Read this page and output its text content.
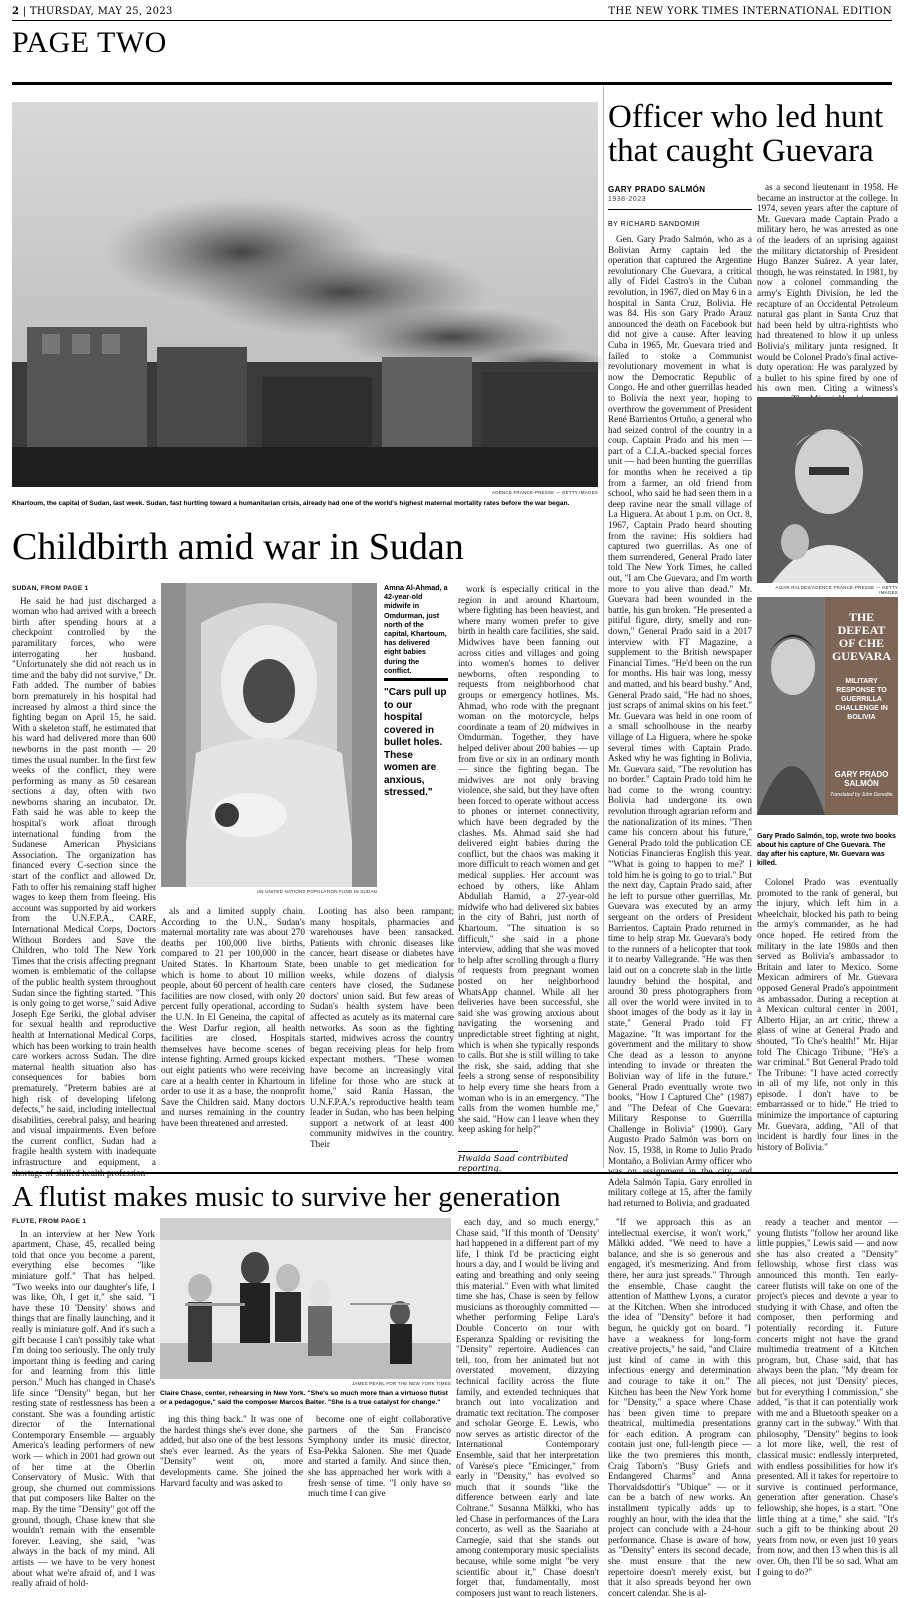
2 | THURSDAY, MAY 25, 2023	THE NEW YORK TIMES INTERNATIONAL EDITION
PAGE TWO
AGENCE FRANCE-PRESSE — GETTY IMAGES
Khartoum, the capital of Sudan, last week. Sudan, fast hurtling toward a humanitarian crisis, already had one of the world's highest maternal mortality rates before the war began.
Childbirth amid war in Sudan
SUDAN, FROM PAGE 1

He said he had just discharged a woman who had arrived with a breech birth after spending hours at a checkpoint controlled by the paramilitary forces, who were interrogating her husband. "Unfortunately she did not reach us in time and the baby did not survive," Dr. Fath added. The number of babies born prematurely in his hospital had increased by almost a third since the fighting began on April 15, he said. With a skeleton staff, he estimated that his ward had delivered more than 600 newborns in the past month — 20 times the usual number. In the first few weeks of the conflict, they were performing as many as 50 cesarean sections a day, often with two newborns sharing an incubator. Dr. Fath said he was able to keep the hospital's work afloat through international funding from the Sudanese American Physicians Association. The organization has financed every C-section since the start of the conflict and allowed Dr. Fath to offer his remaining staff higher wages to keep them from fleeing. His account was supported by aid workers from the U.N.F.P.A., CARE, International Medical Corps, Doctors Without Borders and Save the Children, who told The New York Times that the crisis affecting pregnant women is emblematic of the collapse of the public health system throughout Sudan since the fighting started. "This is only going to get worse," said Adive Joseph Ege Seriki, the global adviser for sexual health and reproductive health at International Medical Corps, which has been working to train health care workers across Sudan. The dire maternal health situation also has consequences for babies born prematurely. "Preterm babies are at high risk of developing lifelong defects," he said, including intellectual disabilities, cerebral palsy, and hearing and visual impairments. Even before the current conflict, Sudan had a fragile health system with inadequate infrastructure and equipment, a shortage of skilled health profession-

UN UNITED NATIONS POPULATION FUND IN SUDAN
Amna Al-Ahmad, a 42-year-old midwife in Omdurman, just north of the capital, Khartoum, has delivered eight babies during the conflict.
"Cars pull up to our hospital covered in bullet holes. These women are anxious, stressed."

als and a limited supply chain. According to the U.N., Sudan's maternal mortality rate was about 270 deaths per 100,000 live births, compared to 21 per 100,000 in the United States. In Khartoum State, which is home to about 10 million people, about 60 percent of health care facilities are now closed, with only 20 percent fully operational, according to the U.N. In El Geneina, the capital of the West Darfur region, all health facilities are closed. Hospitals themselves have become scenes of intense fighting. Armed groups kicked out eight patients who were receiving care at a health center in Khartoum in order to use it as a base, the nonprofit Save the Children said. Many doctors and nurses remaining in the country have been threatened and arrested.

Looting has also been rampant; many hospitals, pharmacies and warehouses have been ransacked. Patients with chronic diseases like cancer, heart disease or diabetes have been unable to get medication for weeks, while dozens of dialysis centers have closed, the Sudanese doctors' union said. But few areas of Sudan's health system have been affected as acutely as its maternal care networks. As soon as the fighting started, midwives across the country began receiving pleas for help from expectant mothers. "These women have become an increasingly vital lifeline for those who are stuck at home," said Rania Hassan, the U.N.F.P.A.'s reproductive health team leader in Sudan, who has been helping support a network of at least 400 community midwives in the country. Their

work is especially critical in the region in and around Khartoum, where fighting has been heaviest, and where many women prefer to give birth in health care facilities, she said. Midwives have been fanning out across cities and villages and going into women's homes to deliver newborns, often responding to requests from neighborhood chat groups or emergency hotlines. Ms. Ahmad, who rode with the pregnant woman on the motorcycle, helps coordinate a team of 20 midwives in Omdurman. Together, they have helped deliver about 200 babies — up from five or six in an ordinary month — since the fighting began. The midwives are not only braving violence, she said, but they have often been forced to operate without access to phones or internet connectivity, which have been degraded by the clashes. Ms. Ahmad said she had delivered eight babies during the conflict, but the chaos was making it more difficult to reach women and get medical supplies. Her account was echoed by others, like Ahlam Abdullah Hamid, a 27-year-old midwife who had delivered six babies in the city of Bahri, just north of Khartoum. "The situation is so difficult," she said in a phone interview, adding that she was moved to help after scrolling through a flurry of requests from pregnant women posted on her neighborhood WhatsApp channel. While all her deliveries have been successful, she said she was growing anxious about navigating the worsening and unpredictable street fighting at night, which is when she typically responds to calls. But she is still willing to take the risk, she said, adding that she feels a strong sense of responsibility to help every time she hears from a woman who is in an emergency. "The calls from the women humble me," she said. "How can I leave when they keep asking for help?"

Hwaida Saad contributed reporting.
Officer who led hunt that caught Guevara
GARY PRADO SALMÓN
1938-2023
BY RICHARD SANDOMIR

Gen. Gary Prado Salmón, who as a Bolivian Army captain led the operation that captured the Argentine revolutionary Che Guevara, a critical ally of Fidel Castro's in the Cuban revolution, in 1967, died on May 6 in a hospital in Santa Cruz, Bolivia. He was 84. His son Gary Prado Arauz announced the death on Facebook but did not give a cause. After leaving Cuba in 1965, Mr. Guevara tried and failed to stoke a Communist revolutionary movement in what is now the Democratic Republic of Congo. He and other guerrillas headed to Bolivia the next year, hoping to overthrow the government of President René Barrientos Ortuño, a general who had seized control of the country in a coup. Captain Prado and his men — part of a C.I.A.-backed special forces unit — had been hunting the guerrillas for months when he received a tip from a farmer, an old friend from school, who said he had seen them in a deep ravine near the small village of La Higuera. At about 1 p.m. on Oct. 8, 1967, Captain Prado heard shouting from the ravine: His soldiers had captured two guerrillas. As one of them surrendered, General Prado later told The New York Times, he called out, "I am Che Guevara, and I'm worth more to you alive than dead." Mr. Guevara had been wounded in the battle, his gun broken. "He presented a pitiful figure, dirty, smelly and run-down," General Prado said in a 2017 interview with FT Magazine, a supplement to the British newspaper Financial Times. "He'd been on the run for months. His hair was long, messy and matted, and his beard bushy." And, General Prado said, "He had no shoes, just scraps of animal skins on his feet." Mr. Guevara was held in one room of a small schoolhouse in the nearby village of La Higuera, where he spoke several times with Captain Prado. Asked why he was fighting in Bolivia, Mr. Guevara said, "The revolution has no border." Captain Prado told him he had come to the wrong country: Bolivia had undergone its own revolution through agrarian reform and the nationalization of its mines. "Then came his concern about his future," General Prado told the publication CE Noticias Financieras English this year. "'What is going to happen to me?' I told him he is going to go to trial." But the next day, Captain Prado said, after he left to pursue other guerrillas, Mr. Guevara was executed by an army sergeant on the orders of President Barrientos. Captain Prado returned in time to help strap Mr. Guevara's body to the runners of a helicopter that took it to nearby Vallegrande. "He was then laid out on a concrete slab in the little laundry behind the hospital, and around 30 press photographers from all over the world were invited in to shoot images of the body as it lay in state," General Prado told FT Magazine. "It was important for the government and the military to show Che dead as a lesson to anyone intending to invade or threaten the Bolivian way of life in the future." General Prado eventually wrote two books, "How I Captured Che" (1987) and "The Defeat of Che Guevara: Military Response to Guerrilla Challenge in Bolivia" (1990). Gary Augusto Prado Salmón was born on Nov. 15, 1938, in Rome to Julio Prado Montaño, a Bolivian Army officer who was on assignment in the city, and Adela Salmón Tapia. Gary enrolled in military college at 15, after the family had returned to Bolivia, and graduated

as a second lieutenant in 1958. He became an instructor at the college. In 1974, seven years after the capture of Mr. Guevara made Captain Prado a military hero, he was arrested as one of the leaders of an uprising against the military dictatorship of President Hugo Banzer Suárez. A year later, though, he was reinstated. In 1981, by now a colonel commanding the army's Eighth Division, he led the recapture of an Occidental Petroleum natural gas plant in Santa Cruz that had been held by ultra-rightists who had threatened to blow it up unless Bolivia's military junta resigned. It would be Colonel Prado's final active-duty operation: He was paralyzed by a bullet to his spine fired by one of his own men. Citing a witness's

AIZAR RALDES/AGENCE FRANCE-PRESSE — GETTY IMAGES
THE DEFEAT OF CHE GUEVARA
MILITARY RESPONSE TO GUERRILLA CHALLENGE IN BOLIVIA
GARY PRADO SALMÓN
Translated by John Deredita
Gary Prado Salmón, top, wrote two books about his capture of Che Guevara. The day after his capture, Mr. Guevara was killed.

Colonel Prado was eventually promoted to the rank of general, but the injury, which left him in a wheelchair, blocked his path to being the army's commander, as he had once hoped. He retired from the military in the late 1980s and then served as Bolivia's ambassador to Britain and later to Mexico. Some Mexican admirers of Mr. Guevara opposed General Prado's appointment as ambassador. During a reception at a Mexican cultural center in 2001, Alberto Hijar, an art critic, threw a glass of wine at General Prado and shouted, "To Che's health!" Mr. Hijar told The Chicago Tribune, "He's a war criminal." But General Prado told The Tribune: "I have acted correctly in all of my life, not only in this episode. I don't have to be embarrassed or to hide." He tried to minimize the importance of capturing Mr. Guevara, adding, "All of that incident is hardly four lines in the history of Bolivia."

A flutist makes music to survive her generation
FLUTE, FROM PAGE 1

In an interview at her New York apartment, Chase, 45, recalled being told that once you become a parent, everything else becomes "like miniature golf." That has helped. "Two weeks into our daughter's life, I was like, Oh, I get it," she said. "I have these 10 'Density' shows and things that are finally launching, and it really is miniature golf. And it's such a gift because I can't possibly take what I'm doing too seriously. The only truly important thing is feeding and caring for and learning from this little person." Much has changed in Chase's life since "Density" began, but her resting state of restlessness has been a constant. She was a founding artistic director of the International Contemporary Ensemble — arguably America's leading performers of new work — which in 2001 had grown out of her time at the Oberlin Conservatory of Music. With that group, she churned out commissions that put composers like Balter on the map. By the time "Density" got off the ground, though, Chase knew that she wouldn't remain with the ensemble forever. Leaving, she said, "was always in the back of my mind. All artists — we have to be very honest about what we're afraid of, and I was really afraid of hold-

JAMES PEARL FOR THE NEW YORK TIMES
Claire Chase, center, rehearsing in New York. "She's so much more than a virtuoso flutist or a pedagogue," said the composer Marcos Balter. "She is a true catalyst for change."

ing this thing back." It was one of the hardest things she's ever done, she added, but also one of the best lessons she's ever learned. As the years of "Density" went on, more developments came. She joined the Harvard faculty and was asked to

become one of eight collaborative partners of the San Francisco Symphony under its music director, Esa-Pekka Salonen. She met Quade and started a family. And since then, she has approached her work with a fresh sense of time. "I only have so much time I can give

each day, and so much energy," Chase said. "If this month of 'Density' had happened in a different part of my life, I think I'd be practicing eight hours a day, and I would be living and eating and breathing and only seeing this material." Even with what limited time she has, Chase is seen by fellow musicians as thoroughly committed — whether performing Felipe Lara's Double Concerto on tour with Esperanza Spalding or revisiting the "Density" repertoire. Audiences can tell, too, from her animated but not overstated movement, dizzying technical facility across the flute family, and extended techniques that branch out into vocalization and dramatic text recitation. The composer and scholar George E. Lewis, who now serves as artistic director of the International Contemporary Ensemble, said that her interpretation of Varèse's piece "Emicinger," from early in "Density," has evolved so much that it sounds "like the difference between early and late Coltrane." Susanna Mälkki, who has led Chase in performances of the Lara concerto, as well as the Saariaho at Carnegie, said that she stands out among contemporary music specialists because, while some might "be very scientific about it," Chase doesn't forget that, fundamentally, most composers just want to reach listeners.

"If we approach this as an intellectual exercise, it won't work," Mälkki added. "We need to have a balance, and she is so generous and engaged, it's mesmerizing. And from there, her aura just spreads." Through the ensemble, Chase caught the attention of Matthew Lyons, a curator at the Kitchen. When she introduced the idea of "Density" before it had begun, he quickly got on board. "I have a weakness for long-form creative projects," he said, "and Claire just kind of came in with this infectious energy and determination and courage to take it on." The Kitchen has been the New York home for "Density," a space where Chase has been given time to prepare theatrical, multimedia presentations for each edition. A program can contain just one, full-length piece — like the two premieres this month, Craig Taborn's "Busy Griefs and Endangered Charms" and Anna Thorvaldsdottir's "Ubique" — or it can be a batch of new works. An installment typically adds up to roughly an hour, with the idea that the project can conclude with a 24-hour performance. Chase is aware of how, as "Density" enters its second decade, she must ensure that the new repertoire doesn't merely exist, but that it also spreads beyond her own concert calendar. She is al-

ready a teacher and mentor — young flutists "follow her around like little puppies," Lewis said — and now she has also created a "Density" fellowship, whose first class was announced this month. Ten early-career flutists will take on one of the project's pieces and devote a year to studying it with Chase, and often the composer, then performing and potentially recording it. Future concerts might not have the grand multimedia treatment of a Kitchen program, but, Chase said, that has always been the plan. "My dream for all pieces, not just 'Density' pieces, but for everything I commission," she added, "is that it can potentially work with me and a Bluetooth speaker on a granny cart in the subway." With that philosophy, "Density" begins to look a lot more like, well, the rest of classical music: endlessly interpreted, with endless possibilities for how it's presented. All it takes for repertoire to survive is continued performance, generation after generation. Chase's fellowship, she hopes, is a start. "One little thing at a time," she said. "It's such a gift to be thinking about 20 years from now, or even just 10 years from now, and then 13 when this is all over. Oh, then I'll be so sad. What am I going to do?"
